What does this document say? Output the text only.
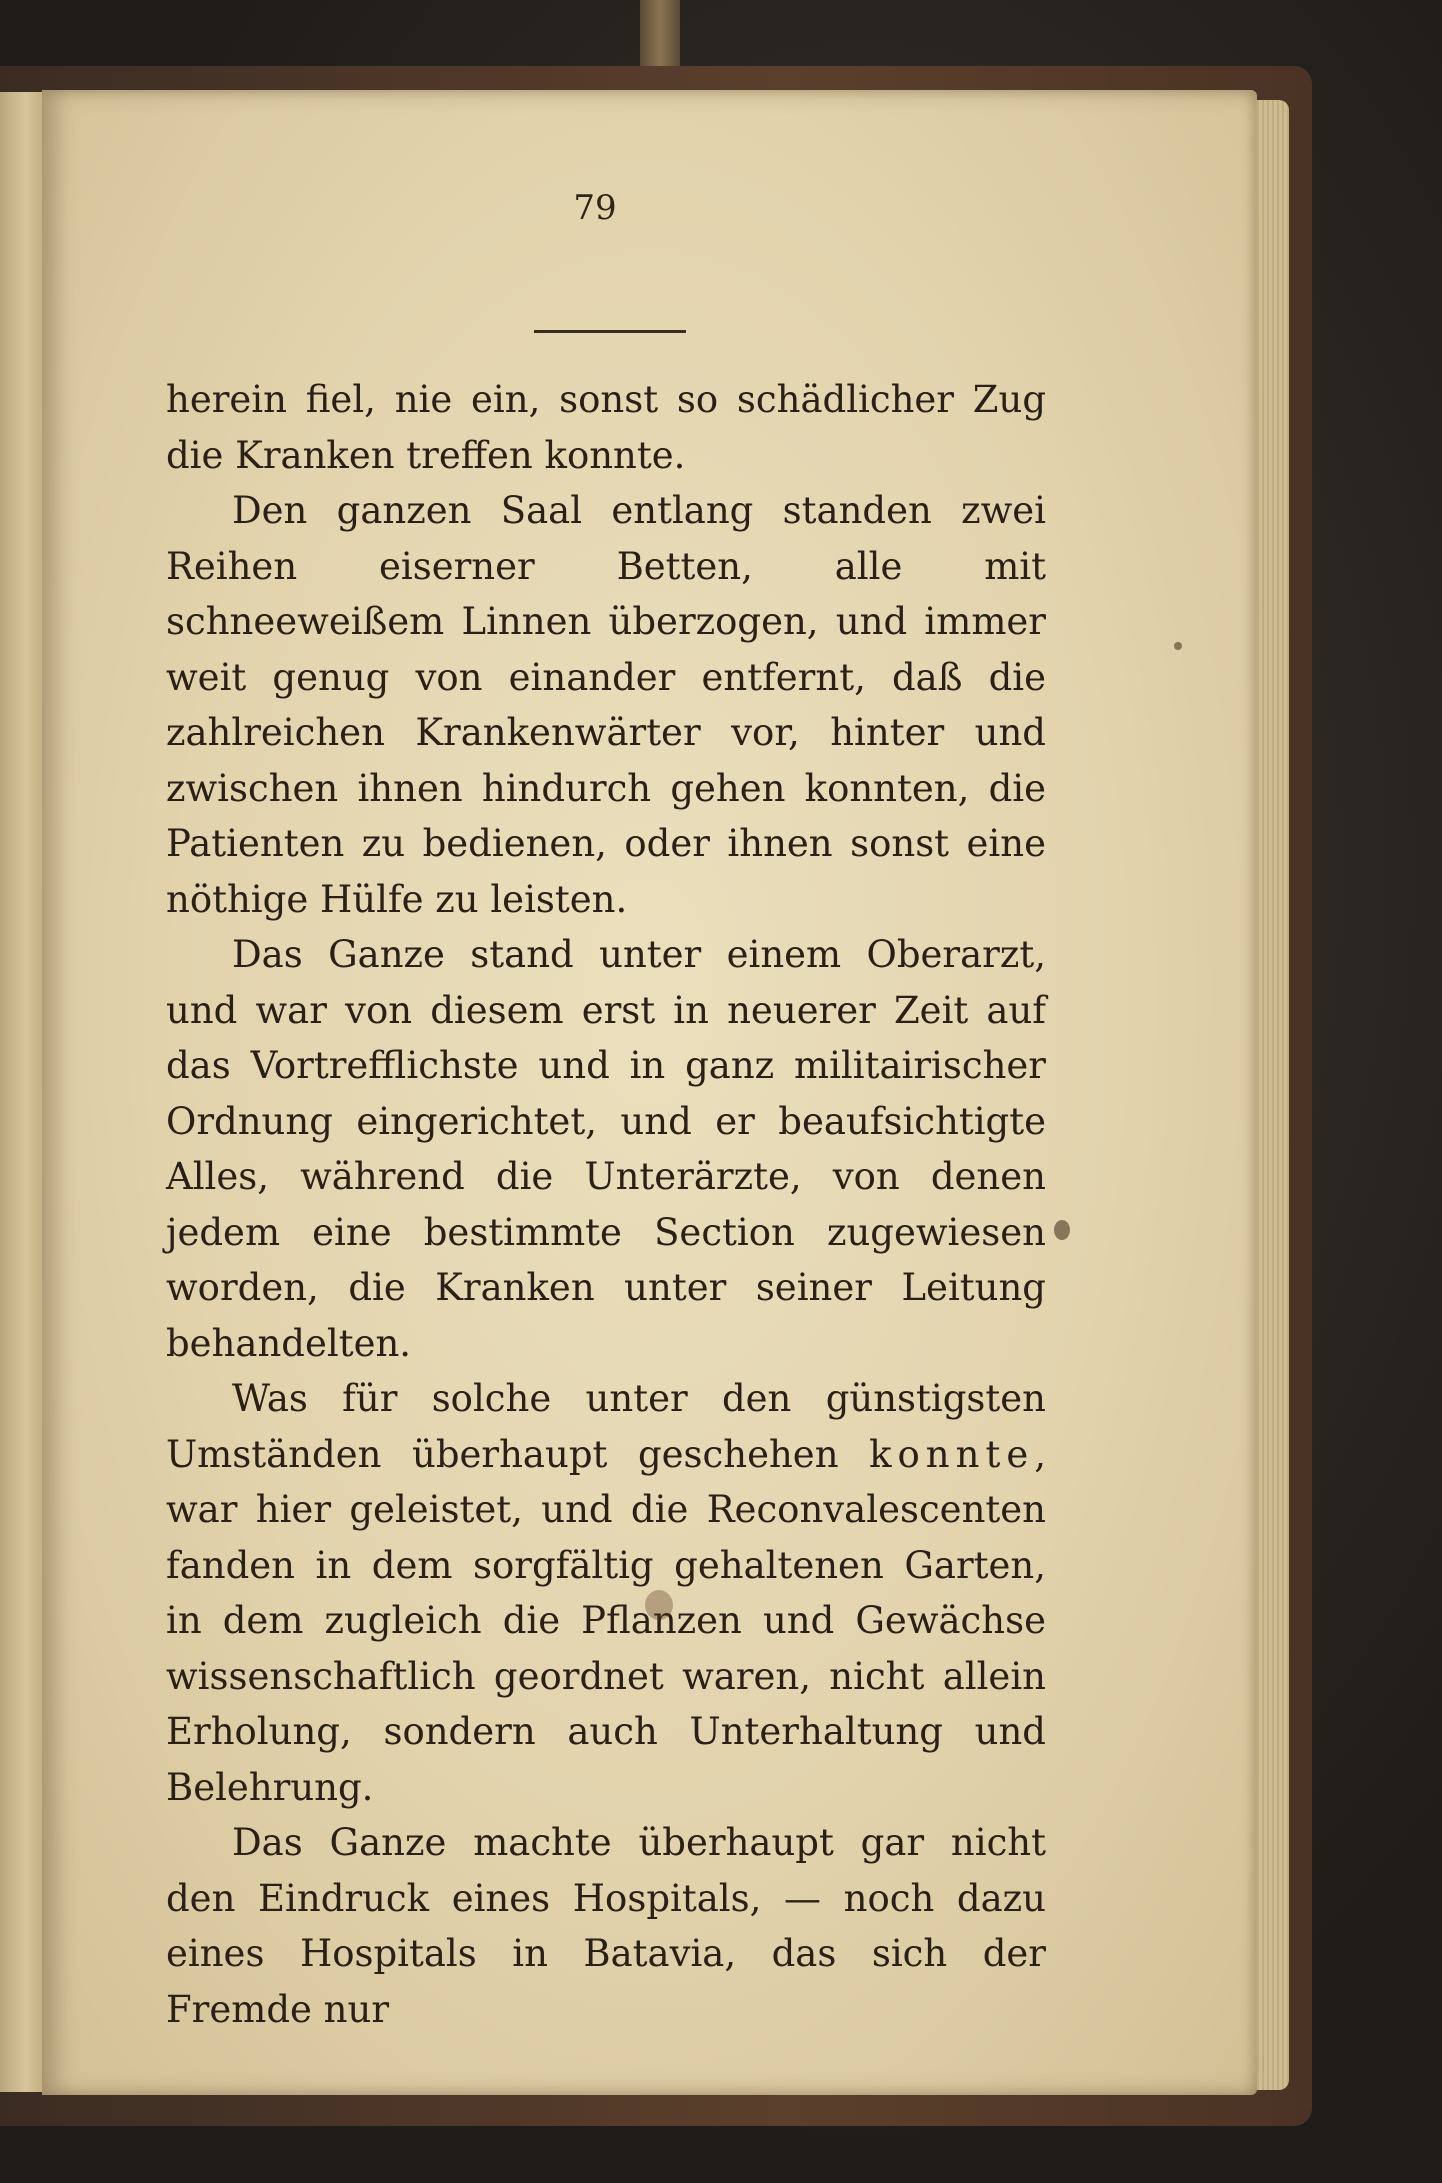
79

herein fiel, nie ein, sonst so schädlicher Zug die Kranken treffen konnte.

Den ganzen Saal entlang standen zwei Reihen eiserner Betten, alle mit schneeweißem Linnen überzogen, und immer weit genug von einander entfernt, daß die zahlreichen Krankenwärter vor, hinter und zwischen ihnen hindurch gehen konnten, die Patienten zu bedienen, oder ihnen sonst eine nöthige Hülfe zu leisten.

Das Ganze stand unter einem Oberarzt, und war von diesem erst in neuerer Zeit auf das Vortrefflichste und in ganz militairischer Ordnung eingerichtet, und er beaufsichtigte Alles, während die Unterärzte, von denen jedem eine bestimmte Section zugewiesen worden, die Kranken unter seiner Leitung behandelten.

Was für solche unter den günstigsten Umständen überhaupt geschehen konnte, war hier geleistet, und die Reconvalescenten fanden in dem sorgfältig gehaltenen Garten, in dem zugleich die Pflanzen und Gewächse wissenschaftlich geordnet waren, nicht allein Erholung, sondern auch Unterhaltung und Belehrung.

Das Ganze machte überhaupt gar nicht den Eindruck eines Hospitals, — noch dazu eines Hospitals in Batavia, das sich der Fremde nur
